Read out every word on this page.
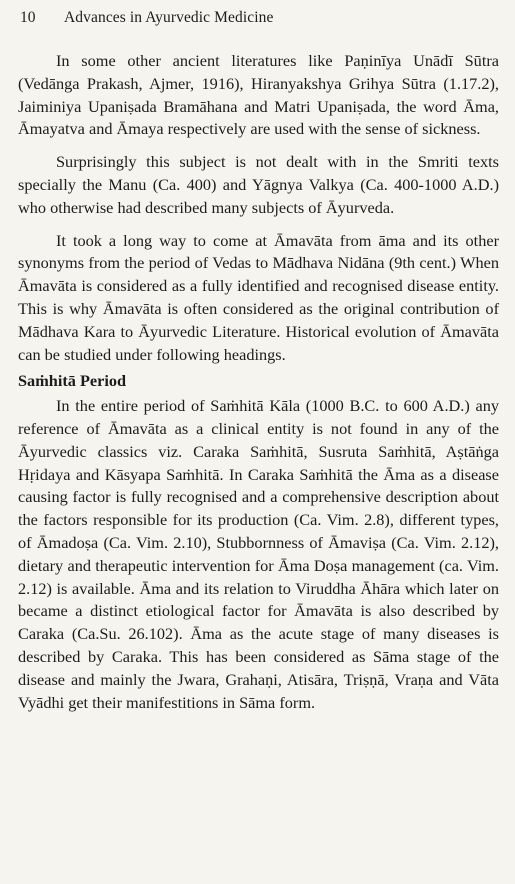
10	Advances in Ayurvedic Medicine

In some other ancient literatures like Paṇinīya Unādī Sūtra (Vedānga Prakash, Ajmer, 1916), Hiranyakshya Grihya Sūtra (1.17.2), Jaiminiya Upaniṣada Bramāhana and Matri Upaniṣada, the word Āma, Āmayatva and Āmaya respectively are used with the sense of sickness.

Surprisingly this subject is not dealt with in the Smriti texts specially the Manu (Ca. 400) and Yāgnya Valkya (Ca. 400-1000 A.D.) who otherwise had described many subjects of Āyurveda.

It took a long way to come at Āmavāta from āma and its other synonyms from the period of Vedas to Mādhava Nidāna (9th cent.) When Āmavāta is considered as a fully identified and recognised disease entity. This is why Āmavāta is often considered as the original contribution of Mādhava Kara to Āyurvedic Literature. Historical evolution of Āmavāta can be studied under following headings.

Saṁhitā Period

In the entire period of Saṁhitā Kāla (1000 B.C. to 600 A.D.) any reference of Āmavāta as a clinical entity is not found in any of the Āyurvedic classics viz. Caraka Saṁhitā, Susruta Saṁhitā, Aṣtāṅga Hṛidaya and Kāsyapa Saṁhitā. In Caraka Saṁhitā the Āma as a disease causing factor is fully recognised and a comprehensive description about the factors responsible for its production (Ca. Vim. 2.8), different types, of Āmadoṣa (Ca. Vim. 2.10), Stubbornness of Āmaviṣa (Ca. Vim. 2.12), dietary and therapeutic intervention for Āma Doṣa management (ca. Vim. 2.12) is available. Āma and its relation to Viruddha Āhāra which later on became a distinct etiological factor for Āmavāta is also described by Caraka (Ca.Su. 26.102). Āma as the acute stage of many diseases is described by Caraka. This has been considered as Sāma stage of the disease and mainly the Jwara, Grahaṇi, Atisāra, Triṣṇā, Vraṇa and Vāta Vyādhi get their manifestitions in Sāma form.
